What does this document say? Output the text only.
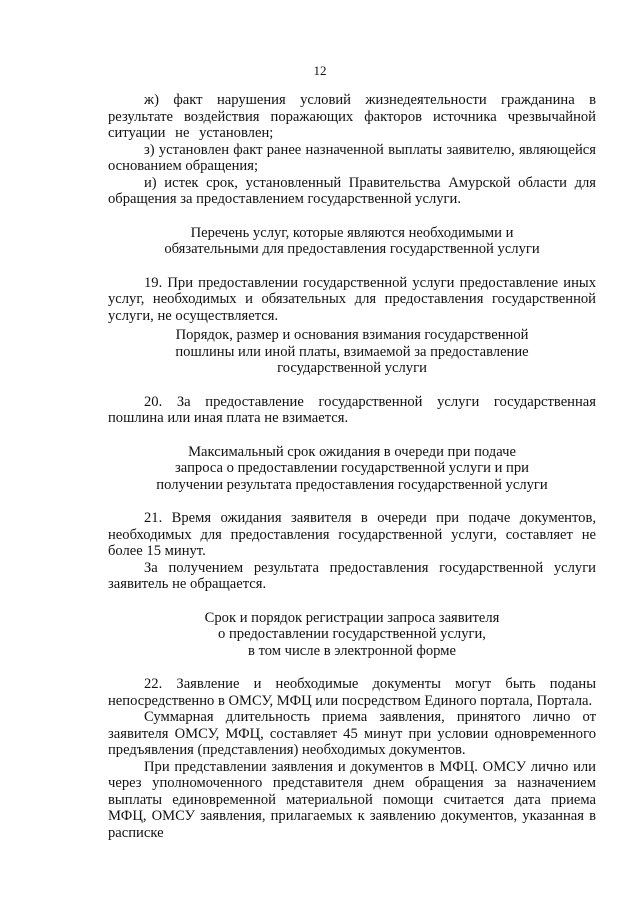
12

ж) факт нарушения условий жизнедеятельности гражданина в результате воздействия поражающих факторов источника чрезвычайной ситуации не установлен;

з) установлен факт ранее назначенной выплаты заявителю, являющейся основанием обращения;

и) истек срок, установленный Правительства Амурской области для обращения за предоставлением государственной услуги.

Перечень услуг, которые являются необходимыми и
обязательными для предоставления государственной услуги

19. При предоставлении государственной услуги предоставление иных услуг, необходимых и обязательных для предоставления государственной услуги, не осуществляется.

Порядок, размер и основания взимания государственной
пошлины или иной платы, взимаемой за предоставление
государственной услуги

20. За предоставление государственной услуги государственная пошлина или иная плата не взимается.

Максимальный срок ожидания в очереди при подаче
запроса о предоставлении государственной услуги и при
получении результата предоставления государственной услуги

21. Время ожидания заявителя в очереди при подаче документов, необходимых для предоставления государственной услуги, составляет не более 15 минут.

За получением результата предоставления государственной услуги заявитель не обращается.

Срок и порядок регистрации запроса заявителя
о предоставлении государственной услуги,
в том числе в электронной форме

22. Заявление и необходимые документы могут быть поданы непосредственно в ОМСУ, МФЦ или посредством Единого портала, Портала.

Суммарная длительность приема заявления, принятого лично от заявителя ОМСУ, МФЦ, составляет 45 минут при условии одновременного предъявления (представления) необходимых документов.

При представлении заявления и документов в МФЦ. ОМСУ лично или через уполномоченного представителя днем обращения за назначением выплаты единовременной материальной помощи считается дата приема МФЦ, ОМСУ заявления, прилагаемых к заявлению документов, указанная в расписке
